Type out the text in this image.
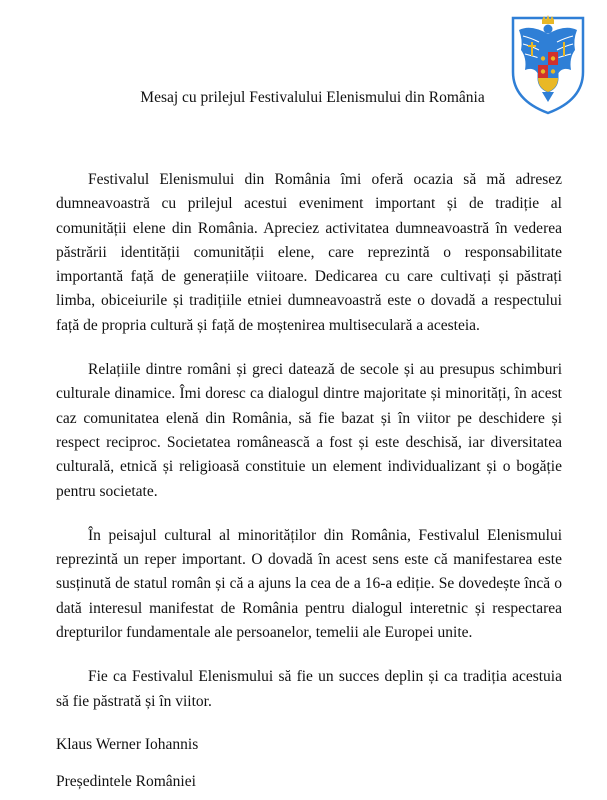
Mesaj cu prilejul Festivalului Elenismului din România

Festivalul Elenismului din România îmi oferă ocazia să mă adresez dumneavoastră cu prilejul acestui eveniment important și de tradiție al comunității elene din România. Apreciez activitatea dumneavoastră în vederea păstrării identității comunității elene, care reprezintă o responsabilitate importantă față de generațiile viitoare. Dedicarea cu care cultivați și păstrați limba, obiceiurile și tradițiile etniei dumneavoastră este o dovadă a respectului față de propria cultură și față de moștenirea multiseculară a acesteia.

Relațiile dintre români și greci datează de secole și au presupus schimburi culturale dinamice. Îmi doresc ca dialogul dintre majoritate și minorități, în acest caz comunitatea elenă din România, să fie bazat și în viitor pe deschidere și respect reciproc. Societatea românească a fost și este deschisă, iar diversitatea culturală, etnică și religioasă constituie un element individualizant și o bogăție pentru societate.

În peisajul cultural al minorităților din România, Festivalul Elenismului reprezintă un reper important. O dovadă în acest sens este că manifestarea este susținută de statul român și că a ajuns la cea de a 16-a ediție. Se dovedește încă o dată interesul manifestat de România pentru dialogul interetnic și respectarea drepturilor fundamentale ale persoanelor, temelii ale Europei unite.

Fie ca Festivalul Elenismului să fie un succes deplin și ca tradiția acestuia să fie păstrată și în viitor.

Klaus Werner Iohannis
Președintele României
